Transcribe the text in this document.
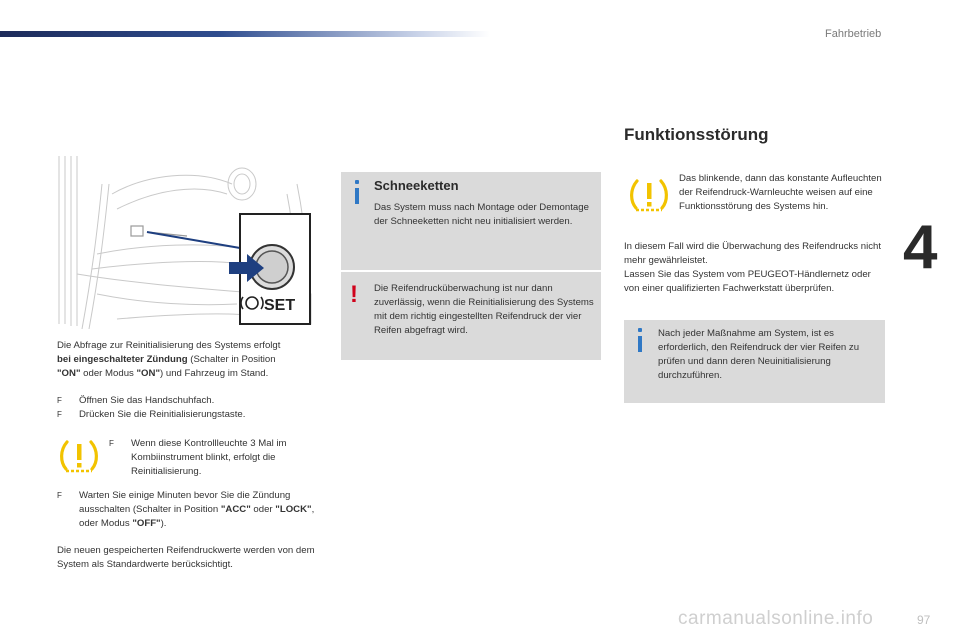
Fahrbetrieb
4
SET
Die Abfrage zur Reinitialisierung des Systems erfolgt
bei eingeschalteter Zündung (Schalter in Position
"ON" oder Modus "ON") und Fahrzeug im Stand.
F	Öffnen Sie das Handschuhfach.
F	Drücken Sie die Reinitialisierungstaste.
F	Wenn diese Kontrollleuchte 3 Mal im Kombiinstrument blinkt, erfolgt die Reinitialisierung.
F	Warten Sie einige Minuten bevor Sie die Zündung ausschalten (Schalter in Position "ACC" oder "LOCK", oder Modus "OFF").
Die neuen gespeicherten Reifendruckwerte werden von dem System als Standardwerte berücksichtigt.
Schneeketten
Das System muss nach Montage oder Demontage der Schneeketten nicht neu initialisiert werden.
! Die Reifendrucküberwachung ist nur dann zuverlässig, wenn die Reinitialisierung des Systems mit dem richtig eingestellten Reifendruck der vier Reifen abgefragt wird.
Funktionsstörung
Das blinkende, dann das konstante Aufleuchten der Reifendruck-Warnleuchte weisen auf eine Funktionsstörung des Systems hin.
In diesem Fall wird die Überwachung des Reifendrucks nicht mehr gewährleistet.
Lassen Sie das System vom PEUGEOT-Händlernetz oder von einer qualifizierten Fachwerkstatt überprüfen.
Nach jeder Maßnahme am System, ist es erforderlich, den Reifendruck der vier Reifen zu prüfen und dann deren Neuinitialisierung durchzuführen.
carmanualsonline.info	97
